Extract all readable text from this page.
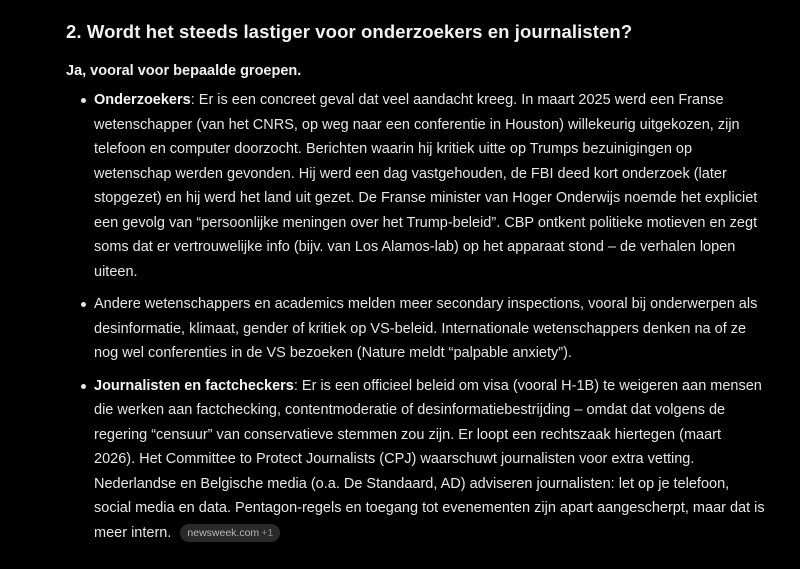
2. Wordt het steeds lastiger voor onderzoekers en journalisten?

Ja, vooral voor bepaalde groepen.

Onderzoekers: Er is een concreet geval dat veel aandacht kreeg. In maart 2025 werd een Franse wetenschapper (van het CNRS, op weg naar een conferentie in Houston) willekeurig uitgekozen, zijn telefoon en computer doorzocht. Berichten waarin hij kritiek uitte op Trumps bezuinigingen op wetenschap werden gevonden. Hij werd een dag vastgehouden, de FBI deed kort onderzoek (later stopgezet) en hij werd het land uit gezet. De Franse minister van Hoger Onderwijs noemde het expliciet een gevolg van “persoonlijke meningen over het Trump-beleid”. CBP ontkent politieke motieven en zegt soms dat er vertrouwelijke info (bijv. van Los Alamos-lab) op het apparaat stond – de verhalen lopen uiteen.
Andere wetenschappers en academics melden meer secondary inspections, vooral bij onderwerpen als desinformatie, klimaat, gender of kritiek op VS-beleid. Internationale wetenschappers denken na of ze nog wel conferenties in de VS bezoeken (Nature meldt “palpable anxiety”).
Journalisten en factcheckers: Er is een officieel beleid om visa (vooral H-1B) te weigeren aan mensen die werken aan factchecking, contentmoderatie of desinformatiebestrijding – omdat dat volgens de regering “censuur” van conservatieve stemmen zou zijn. Er loopt een rechtszaak hiertegen (maart 2026). Het Committee to Protect Journalists (CPJ) waarschuwt journalisten voor extra vetting. Nederlandse en Belgische media (o.a. De Standaard, AD) adviseren journalisten: let op je telefoon, social media en data. Pentagon-regels en toegang tot evenementen zijn apart aangescherpt, maar dat is meer intern. newsweek.com +1
